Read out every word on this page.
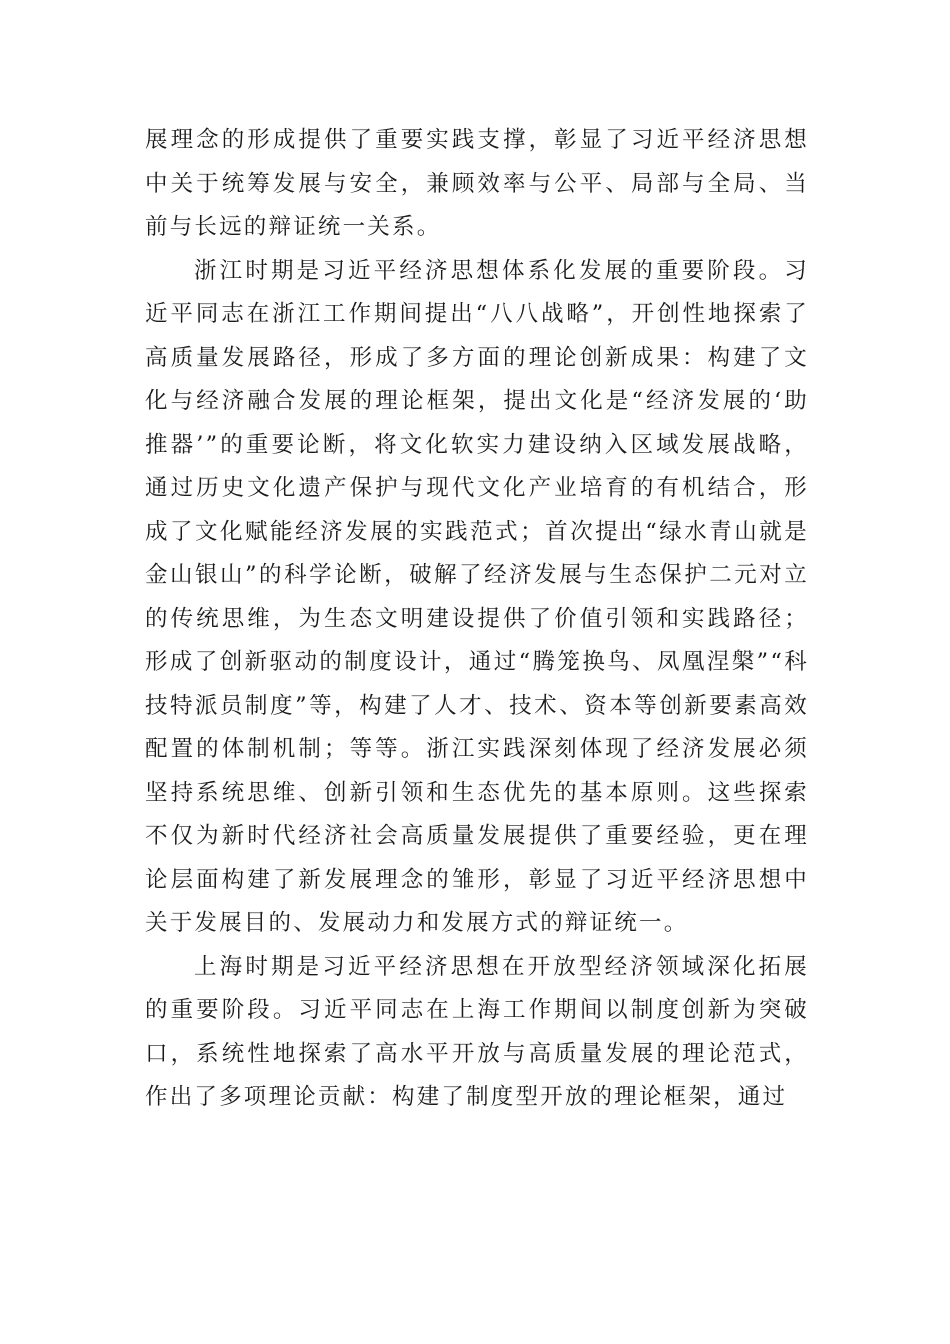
展理念的形成提供了重要实践支撑，彰显了习近平经济思想中关于统筹发展与安全，兼顾效率与公平、局部与全局、当前与长远的辩证统一关系。

浙江时期是习近平经济思想体系化发展的重要阶段。习近平同志在浙江工作期间提出“八八战略”，开创性地探索了高质量发展路径，形成了多方面的理论创新成果：构建了文化与经济融合发展的理论框架，提出文化是“经济发展的‘助推器’”的重要论断，将文化软实力建设纳入区域发展战略，通过历史文化遗产保护与现代文化产业培育的有机结合，形成了文化赋能经济发展的实践范式；首次提出“绿水青山就是金山银山”的科学论断，破解了经济发展与生态保护二元对立的传统思维，为生态文明建设提供了价值引领和实践路径；形成了创新驱动的制度设计，通过“腾笼换鸟、凤凰涅槃”“科技特派员制度”等，构建了人才、技术、资本等创新要素高效配置的体制机制；等等。浙江实践深刻体现了经济发展必须坚持系统思维、创新引领和生态优先的基本原则。这些探索不仅为新时代经济社会高质量发展提供了重要经验，更在理论层面构建了新发展理念的雏形，彰显了习近平经济思想中关于发展目的、发展动力和发展方式的辩证统一。

上海时期是习近平经济思想在开放型经济领域深化拓展的重要阶段。习近平同志在上海工作期间以制度创新为突破口，系统性地探索了高水平开放与高质量发展的理论范式，作出了多项理论贡献：构建了制度型开放的理论框架，通过
